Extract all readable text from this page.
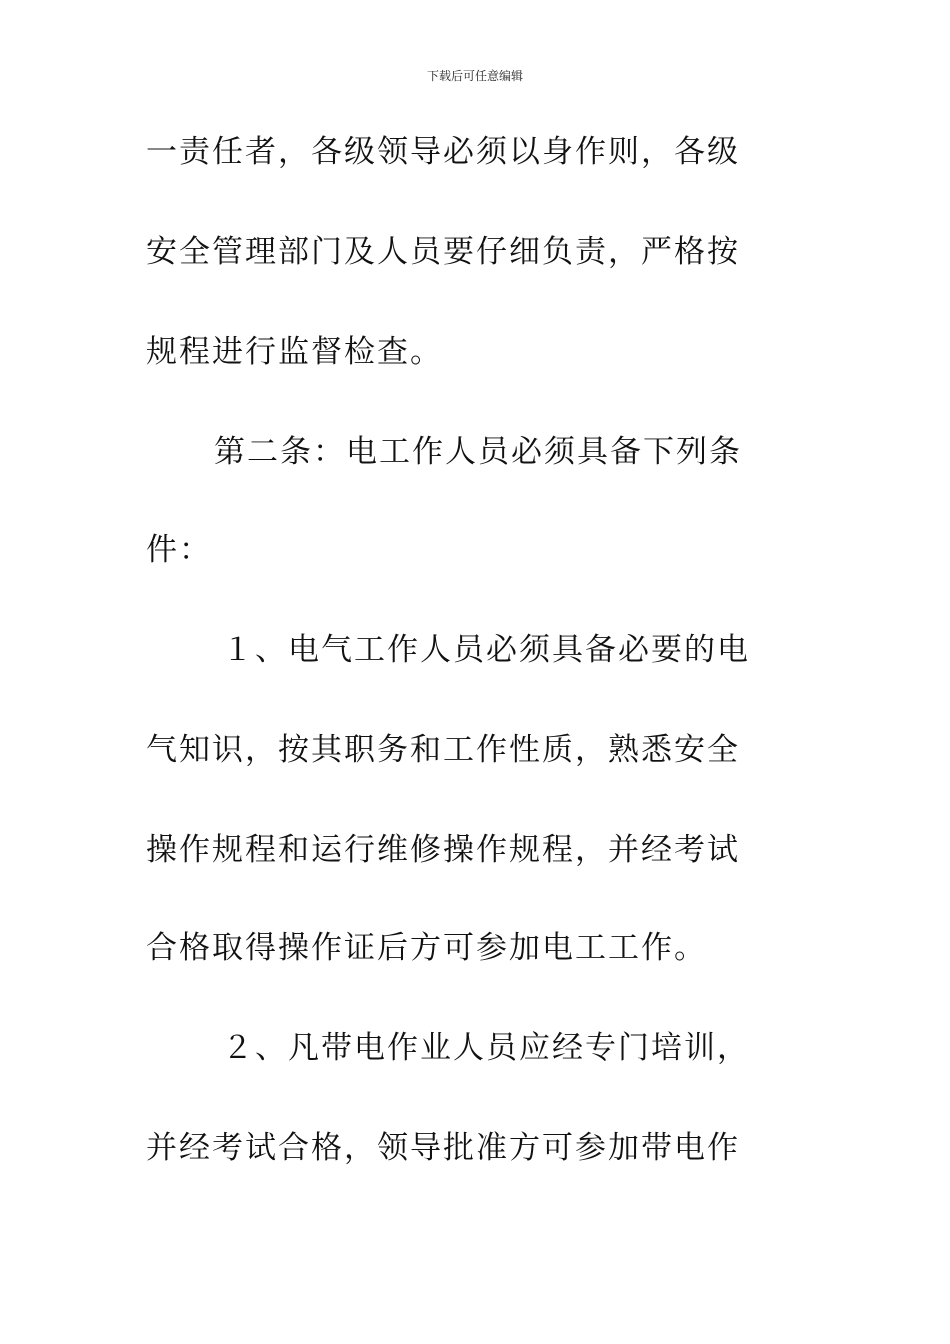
下载后可任意编辑
一责任者，各级领导必须以身作则，各级
安全管理部门及人员要仔细负责，严格按
规程进行监督检查。
第二条：电工作人员必须具备下列条
件：
１、电气工作人员必须具备必要的电
气知识，按其职务和工作性质，熟悉安全
操作规程和运行维修操作规程，并经考试
合格取得操作证后方可参加电工工作。
２、凡带电作业人员应经专门培训，
并经考试合格，领导批准方可参加带电作
